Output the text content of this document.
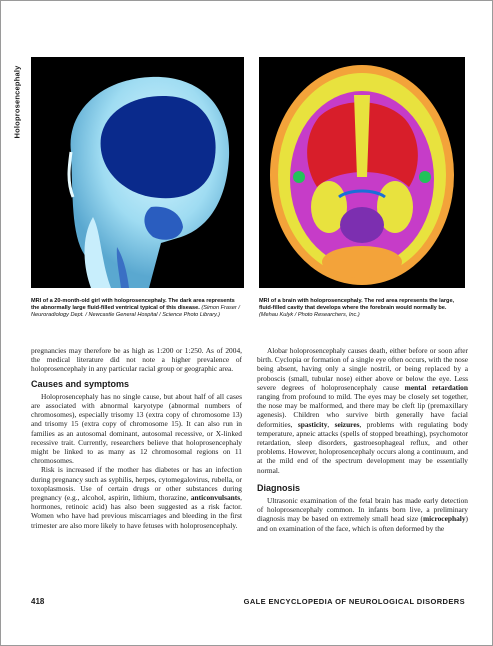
Holoprosencephaly
MRI of a 20-month-old girl with holoprosencephaly. The dark area represents the abnormally large fluid-filled ventrical typical of this disease. (Simon Fraser / Neuroradiology Dept. / Newcastle General Hospital / Science Photo Library.)
MRI of a brain with holoprosencephaly. The red area represents the large, fluid-filled cavity that develops where the forebrain would normally be. (Mehau Kulyk / Photo Researchers, Inc.)

pregnancies may therefore be as high as 1:200 or 1:250. As of 2004, the medical literature did not note a higher prevalence of holoprosencephaly in any particular racial group or geographic area.

Causes and symptoms

Holoprosencephaly has no single cause, but about half of all cases are associated with abnormal karyotype (abnormal numbers of chromosomes), especially trisomy 13 (extra copy of chromosome 13) and trisomy 15 (extra copy of chromosome 15). It can also run in families as an autosomal dominant, autosomal recessive, or X-linked recessive trait. Currently, researchers believe that holoprosencephaly might be linked to as many as 12 chromosomal regions on 11 chromosomes.

Risk is increased if the mother has diabetes or has an infection during pregnancy such as syphilis, herpes, cytomegalovirus, rubella, or toxoplasmosis. Use of certain drugs or other substances during pregnancy (e.g., alcohol, aspirin, lithium, thorazine, anticonvulsants, hormones, retinoic acid) has also been suggested as a risk factor. Women who have had previous miscarriages and bleeding in the first trimester are also more likely to have fetuses with holoprosencephaly.

Alobar holoprosencephaly causes death, either before or soon after birth. Cyclopia or formation of a single eye often occurs, with the nose being absent, having only a single nostril, or being replaced by a proboscis (small, tubular nose) either above or below the eye. Less severe degrees of holoprosencephaly cause mental retardation ranging from profound to mild. The eyes may be closely set together, the nose may be malformed, and there may be cleft lip (premaxillary agenesis). Children who survive birth generally have facial deformities, spasticity, seizures, problems with regulating body temperature, apneic attacks (spells of stopped breathing), psychomotor retardation, sleep disorders, gastroesophageal reflux, and other problems. However, holoprosencephaly occurs along a continuum, and at the mild end of the spectrum development may be essentially normal.

Diagnosis

Ultrasonic examination of the fetal brain has made early detection of holoprosencephaly common. In infants born live, a preliminary diagnosis may be based on extremely small head size (microcephaly) and on examination of the face, which is often deformed by the

418	GALE ENCYCLOPEDIA OF NEUROLOGICAL DISORDERS
